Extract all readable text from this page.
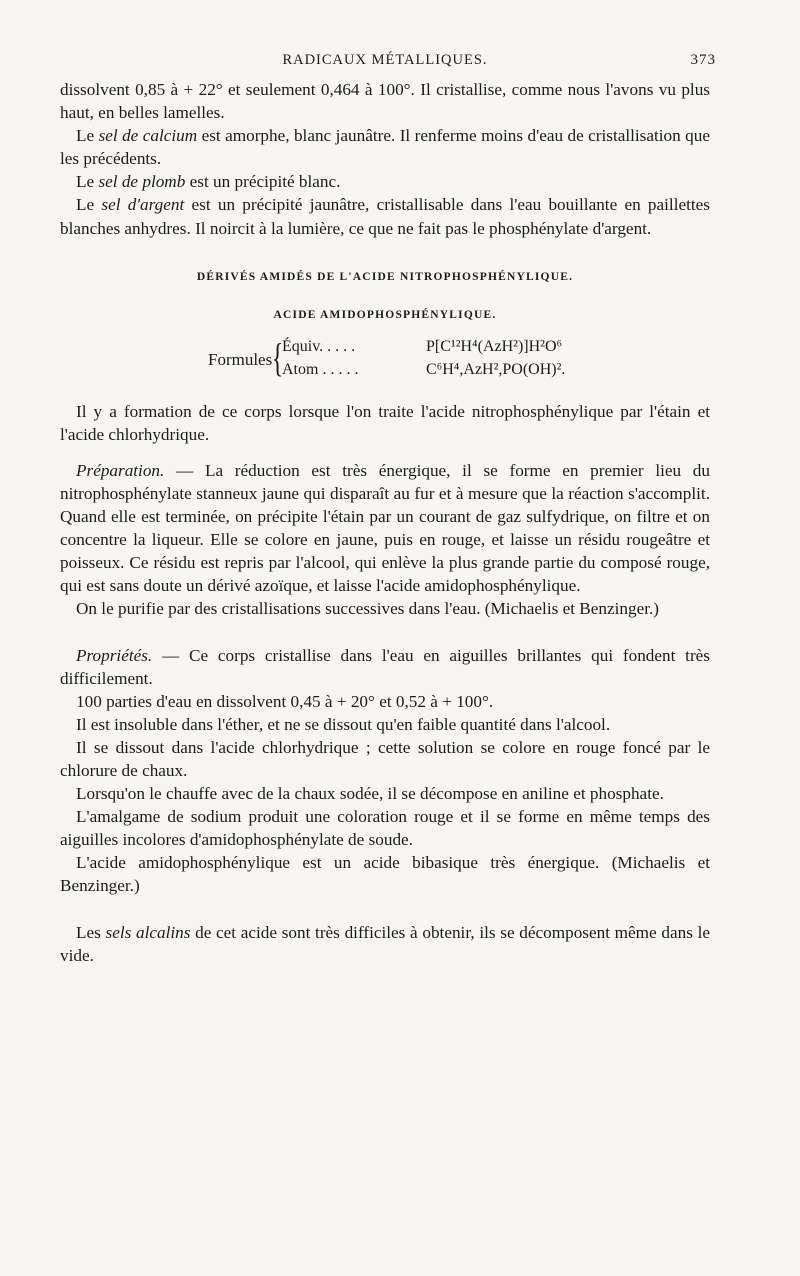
RADICAUX MÉTALLIQUES.	373

dissolvent 0,85 à + 22° et seulement 0,464 à 100°. Il cristallise, comme nous l'avons vu plus haut, en belles lamelles.

Le sel de calcium est amorphe, blanc jaunâtre. Il renferme moins d'eau de cristallisation que les précédents.

Le sel de plomb est un précipité blanc.

Le sel d'argent est un précipité jaunâtre, cristallisable dans l'eau bouillante en paillettes blanches anhydres. Il noircit à la lumière, ce que ne fait pas le phosphénylate d'argent.

DÉRIVÉS AMIDÉS DE L'ACIDE NITROPHOSPHÉNYLIQUE.
ACIDE AMIDOPHOSPHÉNYLIQUE.
Formules {
Équiv. . . . .	P[C¹²H⁴(AzH²)]H²O⁶
Atom . . . . .	C⁶H⁴,AzH²,PO(OH)².

Il y a formation de ce corps lorsque l'on traite l'acide nitrophosphénylique par l'étain et l'acide chlorhydrique.

Préparation. — La réduction est très énergique, il se forme en premier lieu du nitrophosphénylate stanneux jaune qui disparaît au fur et à mesure que la réaction s'accomplit. Quand elle est terminée, on précipite l'étain par un courant de gaz sulfydrique, on filtre et on concentre la liqueur. Elle se colore en jaune, puis en rouge, et laisse un résidu rougeâtre et poisseux. Ce résidu est repris par l'alcool, qui enlève la plus grande partie du composé rouge, qui est sans doute un dérivé azoïque, et laisse l'acide amidophosphénylique.

On le purifie par des cristallisations successives dans l'eau. (Michaelis et Benzinger.)

Propriétés. — Ce corps cristallise dans l'eau en aiguilles brillantes qui fondent très difficilement.

100 parties d'eau en dissolvent 0,45 à + 20° et 0,52 à + 100°.

Il est insoluble dans l'éther, et ne se dissout qu'en faible quantité dans l'alcool.

Il se dissout dans l'acide chlorhydrique ; cette solution se colore en rouge foncé par le chlorure de chaux.

Lorsqu'on le chauffe avec de la chaux sodée, il se décompose en aniline et phosphate.

L'amalgame de sodium produit une coloration rouge et il se forme en même temps des aiguilles incolores d'amidophosphénylate de soude.

L'acide amidophosphénylique est un acide bibasique très énergique. (Michaelis et Benzinger.)

Les sels alcalins de cet acide sont très difficiles à obtenir, ils se décomposent même dans le vide.
